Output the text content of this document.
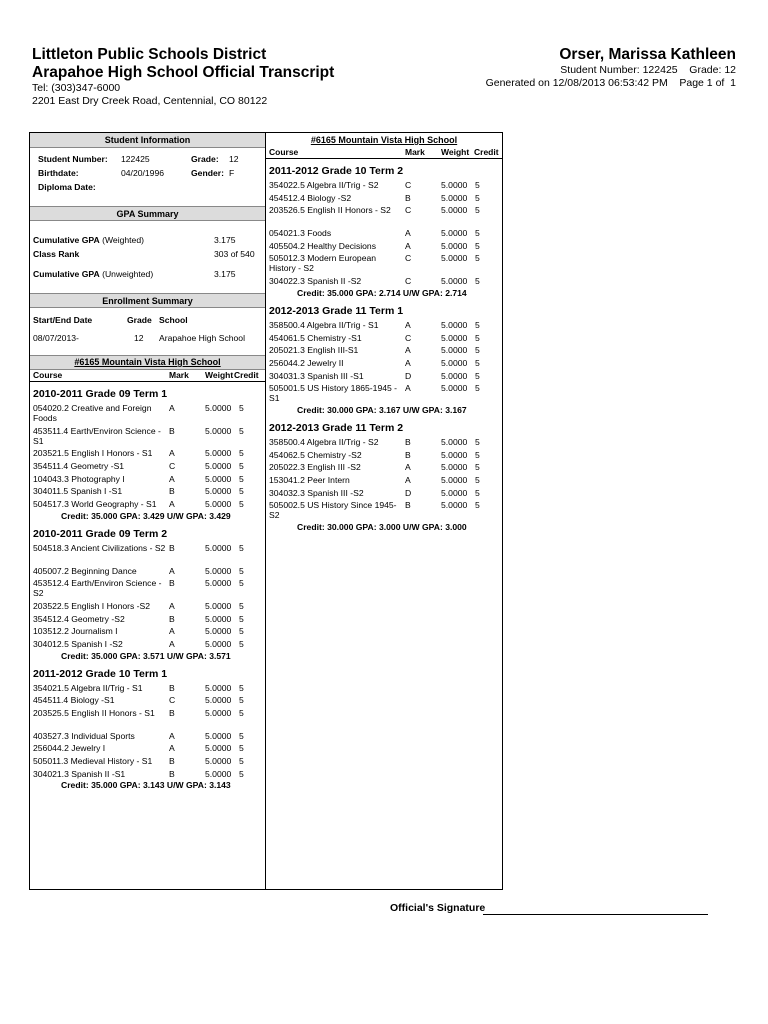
Littleton Public Schools District
Arapahoe High School Official Transcript
Tel: (303)347-6000
2201 East Dry Creek Road, Centennial, CO 80122
Orser, Marissa Kathleen
Student Number: 122425    Grade: 12
Generated on 12/08/2013 06:53:42 PM    Page 1 of  1
Student Information
Student Number: 122425	Grade: 12
Birthdate:	04/20/1996	Gender: F
Diploma Date:
GPA Summary
Cumulative GPA (Weighted)	3.175
Class Rank	303 of 540
Cumulative GPA (Unweighted)	3.175
Enrollment Summary
Start/End Date	Grade School
08/07/2013-	12 Arapahoe High School
#6165 Mountain Vista High School
Course	Mark Weight Credit
2010-2011 Grade 09 Term 1
054020.2 Creative and Foreign Foods
A	5.0000 5
453511.4 Earth/Environ Science - S1
B	5.0000 5
203521.5 English I Honors - S1	A	5.0000 5
354511.4 Geometry -S1	C	5.0000 5
104043.3 Photography I	A	5.0000 5
304011.5 Spanish I -S1	B	5.0000 5
504517.3 World Geography - S1	A	5.0000 5
Credit: 35.000 GPA: 3.429 U/W GPA: 3.429
2010-2011 Grade 09 Term 2
504518.3 Ancient Civilizations - S2 B	5.0000 5
405007.2 Beginning Dance	A	5.0000 5
453512.4 Earth/Environ Science - S2
B	5.0000 5
203522.5 English I Honors -S2	A	5.0000 5
354512.4 Geometry -S2	B	5.0000 5
103512.2 Journalism I	A	5.0000 5
304012.5 Spanish I -S2	A	5.0000 5
Credit: 35.000 GPA: 3.571 U/W GPA: 3.571
2011-2012 Grade 10 Term 1
354021.5 Algebra II/Trig - S1	B	5.0000 5
454511.4 Biology -S1	C	5.0000 5
203525.5 English II Honors - S1	B	5.0000 5
403527.3 Individual Sports	A	5.0000 5
256044.2 Jewelry I	A	5.0000 5
505011.3 Medieval History - S1	B	5.0000 5
304021.3 Spanish II -S1	B	5.0000 5
Credit: 35.000 GPA: 3.143 U/W GPA: 3.143
#6165 Mountain Vista High School
Course	Mark Weight Credit
2011-2012 Grade 10 Term 2
354022.5 Algebra II/Trig - S2	C	5.0000 5
454512.4 Biology -S2	B	5.0000 5
203526.5 English II Honors - S2	C	5.0000 5
054021.3 Foods	A	5.0000 5
405504.2 Healthy Decisions	A	5.0000 5
505012.3 Modern European History - S2
C	5.0000 5
304022.3 Spanish II -S2	C	5.0000 5
Credit: 35.000 GPA: 2.714 U/W GPA: 2.714
2012-2013 Grade 11 Term 1
358500.4 Algebra II/Trig - S1	A	5.0000 5
454061.5 Chemistry -S1	C	5.0000 5
205021.3 English III-S1	A	5.0000 5
256044.2 Jewelry II	A	5.0000 5
304031.3 Spanish III -S1	D	5.0000 5
505001.5 US History 1865-1945 -S1
A	5.0000 5
Credit: 30.000 GPA: 3.167 U/W GPA: 3.167
2012-2013 Grade 11 Term 2
358500.4 Algebra II/Trig - S2	B	5.0000 5
454062.5 Chemistry -S2	B	5.0000 5
205022.3 English III -S2	A	5.0000 5
153041.2 Peer Intern	A	5.0000 5
304032.3 Spanish III -S2	D	5.0000 5
505002.5 US History Since 1945-S2
B	5.0000 5
Credit: 30.000 GPA: 3.000 U/W GPA: 3.000
Official's Signature
